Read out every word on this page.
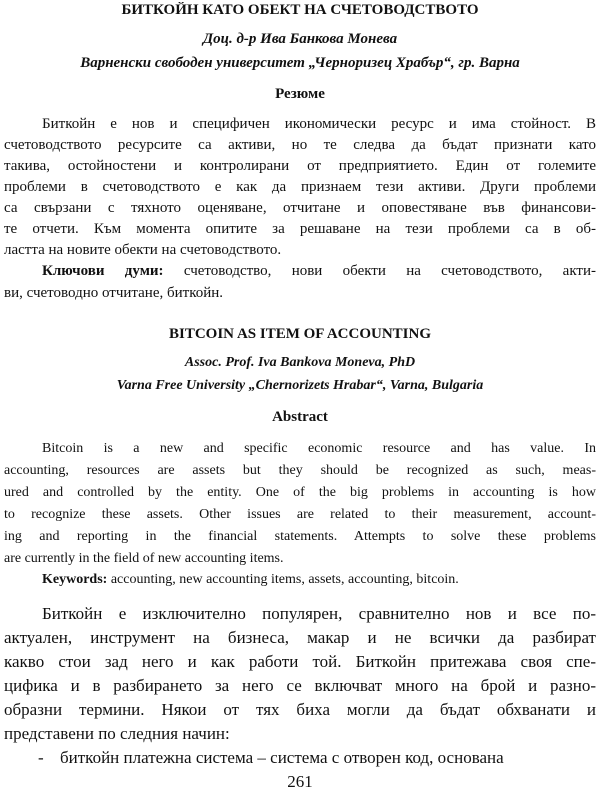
БИТКОЙН КАТО ОБЕКТ НА СЧЕТОВОДСТВОТО

Доц. д-р Ива Банкова Монева

Варненски свободен университет „Черноризец Храбър“, гр. Варна

Резюме

Биткойн е нов и специфичен икономически ресурс и има стойност. В

счетоводството ресурсите са активи, но те следва да бъдат признати като

такива, остойностени и контролирани от предприятието. Един от големите

проблеми в счетоводството е как да признаем тези активи. Други проблеми

са свързани с тяхното оценяване, отчитане и оповестяване във финансови-

те отчети. Към момента опитите за решаване на тези проблеми са в об-

ластта на новите обекти на счетоводството.

Ключови думи: счетоводство, нови обекти на счетоводството, акти-

ви, счетоводно отчитане, биткойн.

BITCOIN AS ITEM OF ACCOUNTING

Assoc. Prof. Iva Bankova Moneva, PhD

Varna Free University „Chernorizets Hrabar“, Varna, Bulgaria

Abstract

Bitcoin is a new and specific economic resource and has value. In

accounting, resources are assets but they should be recognized as such, meas-

ured and controlled by the entity. One of the big problems in accounting is how

to recognize these assets. Other issues are related to their measurement, account-

ing and reporting in the financial statements. Attempts to solve these problems

are currently in the field of new accounting items.

Keywords: accounting, new accounting items, assets, accounting, bitcoin.

Биткойн е изключително популярен, сравнително нов и все по-

актуален, инструмент на бизнеса, макар и не всички да разбират

какво стои зад него и как работи той. Биткойн притежава своя спе-

цифика и в разбирането за него се включват много на брой и разно-

образни термини. Някои от тях биха могли да бъдат обхванати и

представени по следния начин:

- биткойн платежна система – система с отворен код, основана

261
